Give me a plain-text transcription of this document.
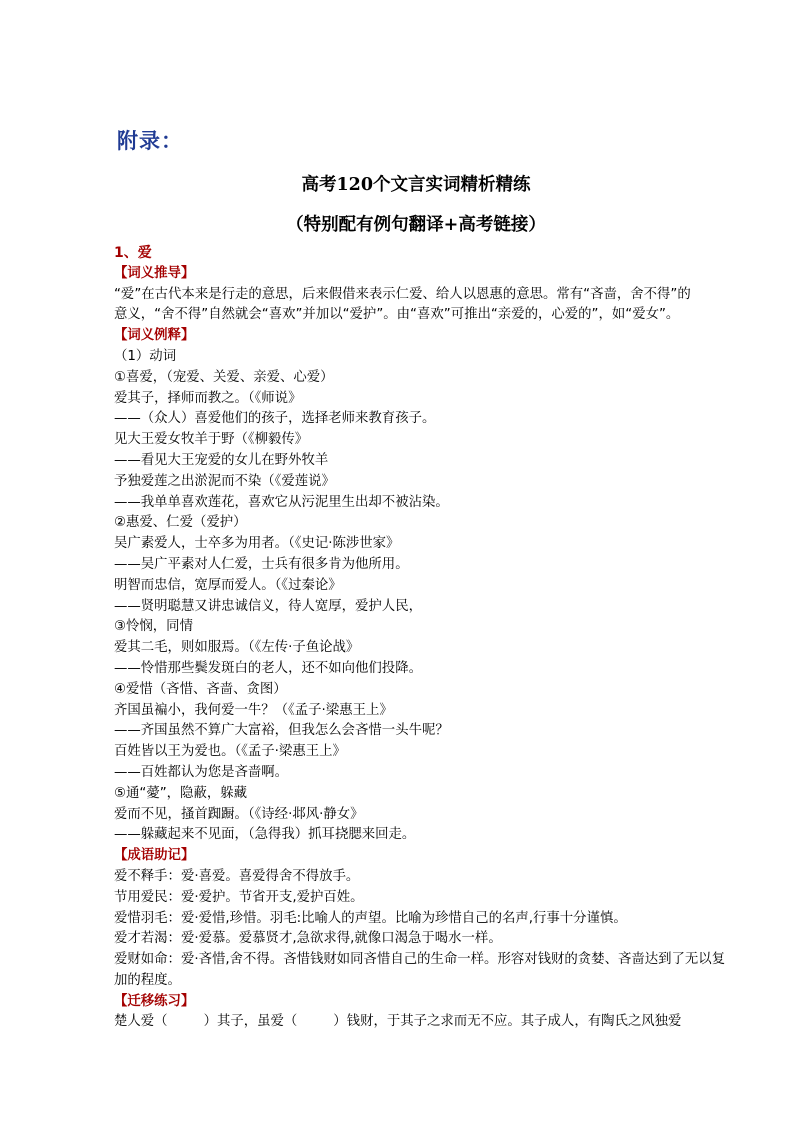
附录：
高考120个文言实词精析精练
（特别配有例句翻译+高考链接）
1、爱
【词义推导】
“爱”在古代本来是行走的意思，后来假借来表示仁爱、给人以恩惠的意思。常有“吝啬，舍不得”的
意义，“舍不得”自然就会“喜欢”并加以“爱护”。由“喜欢”可推出“亲爱的，心爱的”，如“爱女”。
【词义例释】
（1）动词
①喜爱，（宠爱、关爱、亲爱、心爱）
爱其子，择师而教之。（《师说》
——（众人）喜爱他们的孩子，选择老师来教育孩子。
见大王爱女牧羊于野（《柳毅传》
——看见大王宠爱的女儿在野外牧羊
予独爱莲之出淤泥而不染（《爱莲说》
——我单单喜欢莲花，喜欢它从污泥里生出却不被沾染。
②惠爱、仁爱（爱护）
吴广素爱人，士卒多为用者。（《史记·陈涉世家》
——吴广平素对人仁爱，士兵有很多肯为他所用。
明智而忠信，宽厚而爱人。（《过秦论》
——贤明聪慧又讲忠诚信义，待人宽厚，爱护人民，
③怜悯，同情
爱其二毛，则如服焉。（《左传·子鱼论战》
——怜惜那些鬓发斑白的老人，还不如向他们投降。
④爱惜（吝惜、吝啬、贪图）
齐国虽褊小，我何爱一牛？（《孟子·梁惠王上》
——齐国虽然不算广大富裕，但我怎么会吝惜一头牛呢？
百姓皆以王为爱也。（《孟子·梁惠王上》
——百姓都认为您是吝啬啊。
⑤通“薆”，隐蔽，躲藏
爱而不见，搔首踟蹰。（《诗经·邶风·静女》
——躲藏起来不见面，（急得我）抓耳挠腮来回走。
【成语助记】
爱不释手：爱·喜爱。喜爱得舍不得放手。
节用爱民：爱·爱护。节省开支,爱护百姓。
爱惜羽毛：爱·爱惜,珍惜。羽毛:比喻人的声望。比喻为珍惜自己的名声,行事十分谨慎。
爱才若渴：爱·爱慕。爱慕贤才,急欲求得,就像口渴急于喝水一样。
爱财如命：爱·吝惜,舍不得。吝惜钱财如同吝惜自己的生命一样。形容对钱财的贪婪、吝啬达到了无以复加的程度。
【迁移练习】
楚人爱（	）其子，虽爱（	）钱财，于其子之求而无不应。其子成人，有陶氏之风独爱
